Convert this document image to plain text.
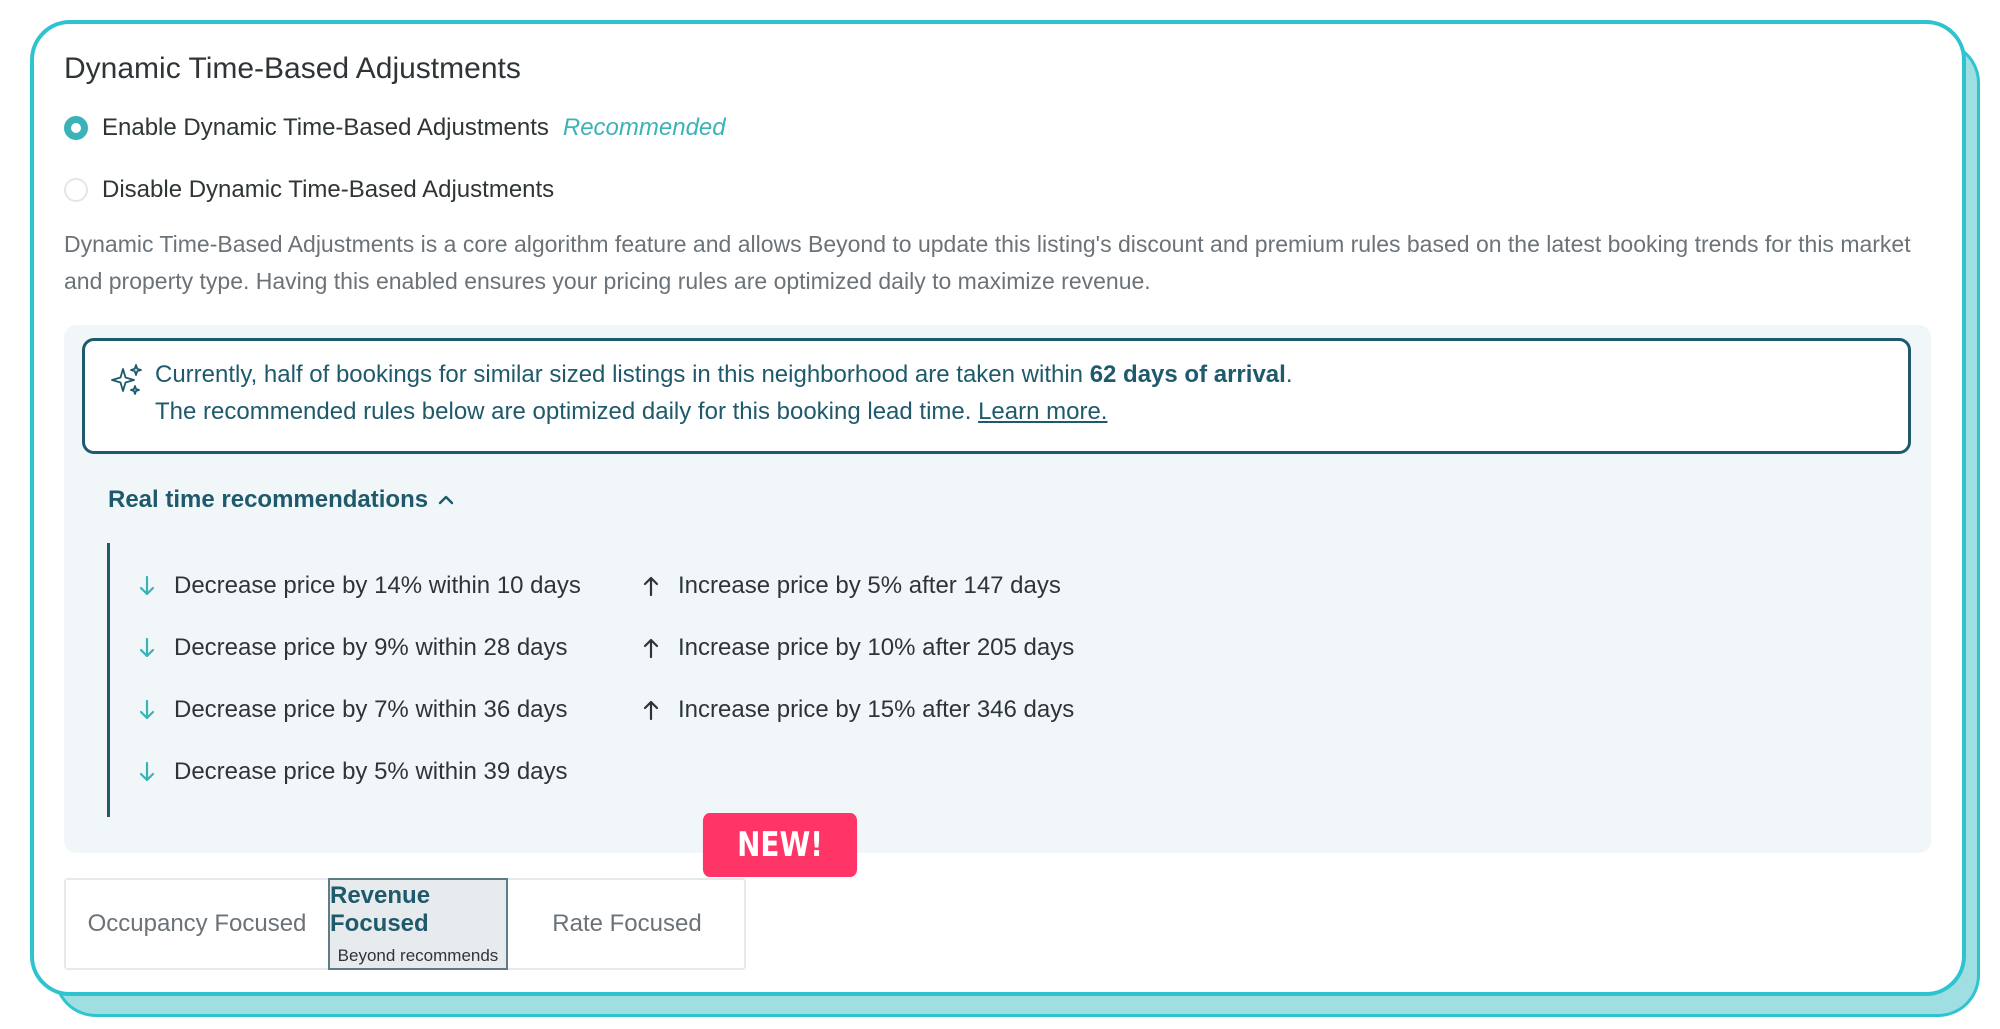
Dynamic Time-Based Adjustments
Enable Dynamic Time-Based Adjustments Recommended
Disable Dynamic Time-Based Adjustments
Dynamic Time-Based Adjustments is a core algorithm feature and allows Beyond to update this listing's discount and premium rules based on the latest booking trends for this market and property type. Having this enabled ensures your pricing rules are optimized daily to maximize revenue.
Currently, half of bookings for similar sized listings in this neighborhood are taken within 62 days of arrival.
The recommended rules below are optimized daily for this booking lead time. Learn more.
Real time recommendations
Decrease price by 14% within 10 days
Decrease price by 9% within 28 days
Decrease price by 7% within 36 days
Decrease price by 5% within 39 days
Increase price by 5% after 147 days
Increase price by 10% after 205 days
Increase price by 15% after 346 days
Occupancy Focused
Revenue Focused
Beyond recommends
Rate Focused
NEW!
